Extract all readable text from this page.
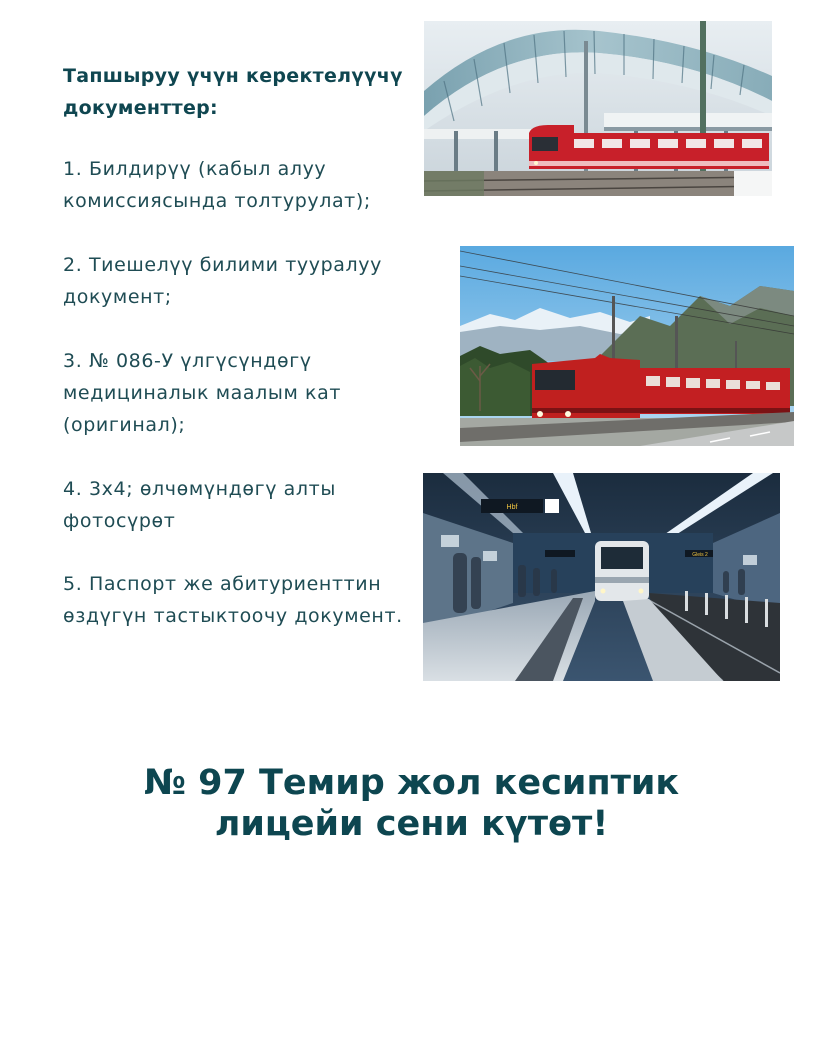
Тапшыруу үчүн керектелүүчү документтер:
1. Билдирүү (кабыл алуу комиссиясында толтурулат);
2. Тиешелүү билими тууралуу документ;
3. № 086-У үлгүсүндөгү медициналык маалым кат (оригинал);
4. 3х4; өлчөмүндөгү алты фотосүрөт
5. Паспорт же абитуриенттин өздүгүн тастыктоочу документ.
Hbf
Gleis 2
№ 97 Темир жол кесиптик лицейи сени күтөт!
